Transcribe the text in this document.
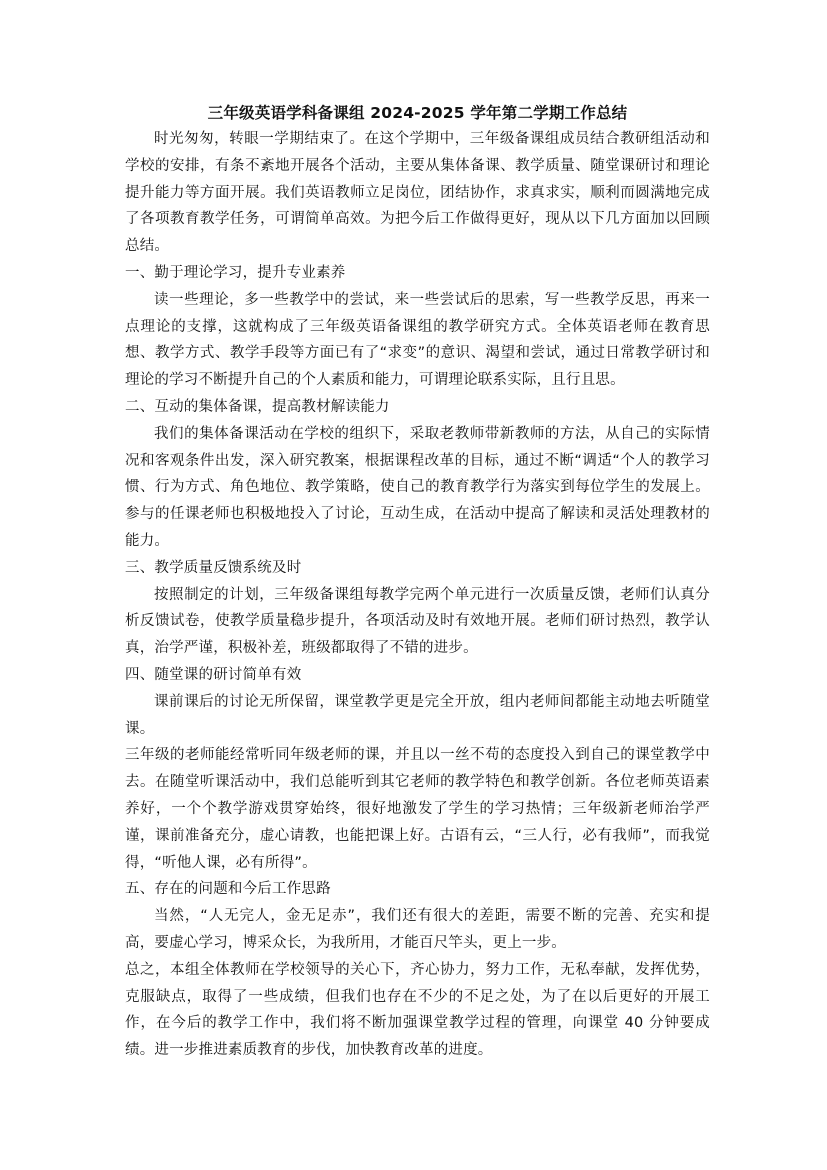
三年级英语学科备课组 2024-2025 学年第二学期工作总结

时光匆匆，转眼一学期结束了。在这个学期中，三年级备课组成员结合教研组活动和学校的安排，有条不紊地开展各个活动，主要从集体备课、教学质量、随堂课研讨和理论提升能力等方面开展。我们英语教师立足岗位，团结协作，求真求实，顺利而圆满地完成了各项教育教学任务，可谓简单高效。为把今后工作做得更好，现从以下几方面加以回顾总结。

一、勤于理论学习，提升专业素养

读一些理论，多一些教学中的尝试，来一些尝试后的思索，写一些教学反思，再来一点理论的支撑，这就构成了三年级英语备课组的教学研究方式。全体英语老师在教育思想、教学方式、教学手段等方面已有了“求变”的意识、渴望和尝试，通过日常教学研讨和理论的学习不断提升自己的个人素质和能力，可谓理论联系实际，且行且思。

二、互动的集体备课，提高教材解读能力

我们的集体备课活动在学校的组织下，采取老教师带新教师的方法，从自己的实际情况和客观条件出发，深入研究教案，根据课程改革的目标，通过不断“调适“个人的教学习惯、行为方式、角色地位、教学策略，使自己的教育教学行为落实到每位学生的发展上。参与的任课老师也积极地投入了讨论，互动生成，在活动中提高了解读和灵活处理教材的能力。

三、教学质量反馈系统及时

按照制定的计划，三年级备课组每教学完两个单元进行一次质量反馈，老师们认真分析反馈试卷，使教学质量稳步提升，各项活动及时有效地开展。老师们研讨热烈，教学认真，治学严谨，积极补差，班级都取得了不错的进步。

四、随堂课的研讨简单有效

课前课后的讨论无所保留，课堂教学更是完全开放，组内老师间都能主动地去听随堂课。

三年级的老师能经常听同年级老师的课，并且以一丝不苟的态度投入到自己的课堂教学中去。在随堂听课活动中，我们总能听到其它老师的教学特色和教学创新。各位老师英语素养好，一个个教学游戏贯穿始终，很好地激发了学生的学习热情；三年级新老师治学严谨，课前准备充分，虚心请教，也能把课上好。古语有云，“三人行，必有我师”，而我觉得，“听他人课，必有所得”。

五、存在的问题和今后工作思路

当然，“人无完人，金无足赤”，我们还有很大的差距，需要不断的完善、充实和提高，要虚心学习，博采众长，为我所用，才能百尺竿头，更上一步。

总之，本组全体教师在学校领导的关心下，齐心协力，努力工作，无私奉献，发挥优势，克服缺点，取得了一些成绩，但我们也存在不少的不足之处，为了在以后更好的开展工作，在今后的教学工作中，我们将不断加强课堂教学过程的管理，向课堂 40 分钟要成绩。进一步推进素质教育的步伐，加快教育改革的进度。
